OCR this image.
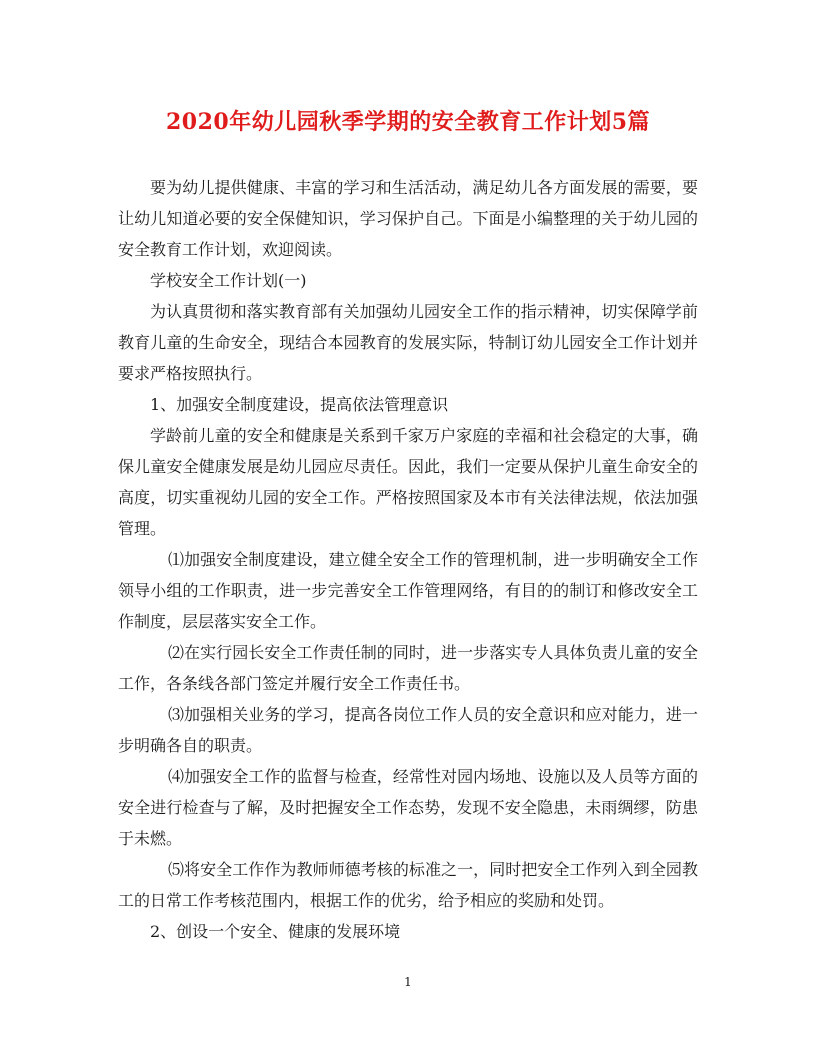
2020年幼儿园秋季学期的安全教育工作计划5篇

要为幼儿提供健康、丰富的学习和生活活动，满足幼儿各方面发展的需要，要让幼儿知道必要的安全保健知识，学习保护自己。下面是小编整理的关于幼儿园的安全教育工作计划，欢迎阅读。

学校安全工作计划(一)

为认真贯彻和落实教育部有关加强幼儿园安全工作的指示精神，切实保障学前教育儿童的生命安全，现结合本园教育的发展实际，特制订幼儿园安全工作计划并要求严格按照执行。

1、加强安全制度建设，提高依法管理意识

学龄前儿童的安全和健康是关系到千家万户家庭的幸福和社会稳定的大事，确保儿童安全健康发展是幼儿园应尽责任。因此，我们一定要从保护儿童生命安全的高度，切实重视幼儿园的安全工作。严格按照国家及本市有关法律法规，依法加强管理。

⑴加强安全制度建设，建立健全安全工作的管理机制，进一步明确安全工作领导小组的工作职责，进一步完善安全工作管理网络，有目的的制订和修改安全工作制度，层层落实安全工作。

⑵在实行园长安全工作责任制的同时，进一步落实专人具体负责儿童的安全工作，各条线各部门签定并履行安全工作责任书。

⑶加强相关业务的学习，提高各岗位工作人员的安全意识和应对能力，进一步明确各自的职责。

⑷加强安全工作的监督与检查，经常性对园内场地、设施以及人员等方面的安全进行检查与了解，及时把握安全工作态势，发现不安全隐患，未雨绸缪，防患于未燃。

⑸将安全工作作为教师师德考核的标准之一，同时把安全工作列入到全园教工的日常工作考核范围内，根据工作的优劣，给予相应的奖励和处罚。

2、创设一个安全、健康的发展环境

1
